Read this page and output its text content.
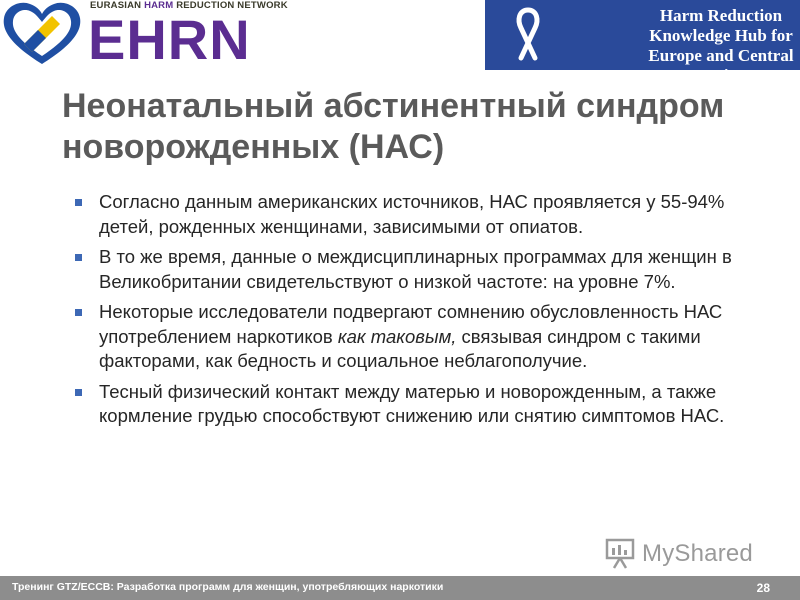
EURASIAN HARM REDUCTION NETWORK
EHRN	Harm Reduction
Knowledge Hub for
Europe and Central Asia
Неонатальный абстинентный синдром новорожденных (НАС)
Согласно данным американских источников, НАС проявляется у 55-94% детей, рожденных женщинами, зависимыми от опиатов.
В то же время, данные о междисциплинарных программах для женщин в Великобритании свидетельствуют о низкой частоте: на уровне 7%.
Некоторые исследователи подвергают сомнению обусловленность НАС употреблением наркотиков как таковым, связывая синдром с такими факторами, как бедность и социальное неблагополучие.
Тесный физический контакт между матерью и новорожденным, а также кормление грудью способствуют снижению или снятию симптомов НАС.
MyShared
Тренинг GTZ/ECCB: Разработка программ для женщин, употребляющих наркотики	28
